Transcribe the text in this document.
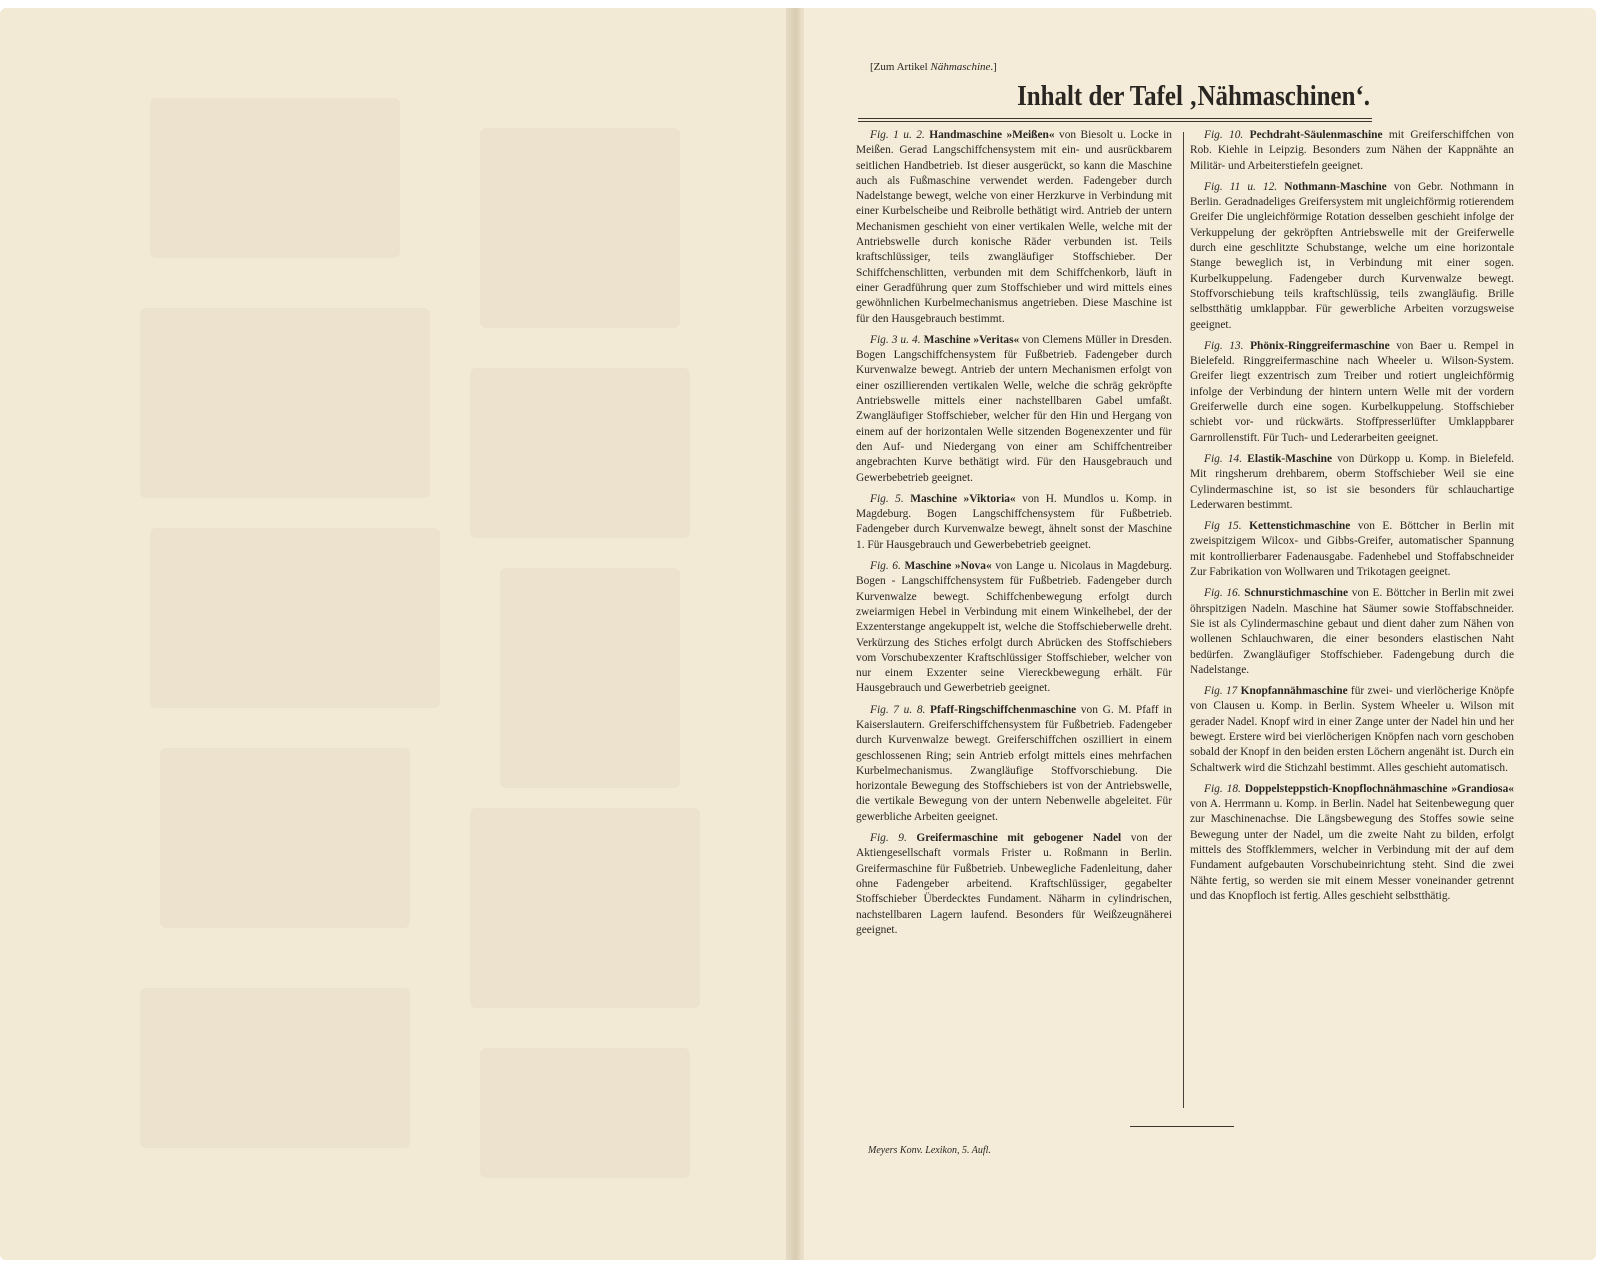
[Zum Artikel Nähmaschine.]
Inhalt der Tafel ‚Nähmaschinen‘.

Fig. 1 u. 2. Handmaschine »Meißen« von Biesolt u. Locke in Meißen. Gerad Langschiffchensystem mit ein- und ausrückbarem seitlichen Handbetrieb. Ist dieser ausgerückt, so kann die Maschine auch als Fußmaschine verwendet werden. Fadengeber durch Nadelstange bewegt, welche von einer Herzkurve in Verbindung mit einer Kurbelscheibe und Reibrolle bethätigt wird. Antrieb der untern Mechanismen geschieht von einer vertikalen Welle, welche mit der Antriebswelle durch konische Räder verbunden ist. Teils kraftschlüssiger, teils zwangläufiger Stoffschieber. Der Schiffchenschlitten, verbunden mit dem Schiffchenkorb, läuft in einer Geradführung quer zum Stoffschieber und wird mittels eines gewöhnlichen Kurbelmechanismus angetrieben. Diese Maschine ist für den Hausgebrauch bestimmt.

Fig. 3 u. 4. Maschine »Veritas« von Clemens Müller in Dresden. Bogen Langschiffchensystem für Fußbetrieb. Fadengeber durch Kurvenwalze bewegt. Antrieb der untern Mechanismen erfolgt von einer oszillierenden vertikalen Welle, welche die schräg gekröpfte Antriebswelle mittels einer nachstellbaren Gabel umfaßt. Zwangläufiger Stoffschieber, welcher für den Hin und Hergang von einem auf der horizontalen Welle sitzenden Bogenexzenter und für den Auf- und Niedergang von einer am Schiffchentreiber angebrachten Kurve bethätigt wird. Für den Hausgebrauch und Gewerbebetrieb geeignet.

Fig. 5. Maschine »Viktoria« von H. Mundlos u. Komp. in Magdeburg. Bogen Langschiffchensystem für Fußbetrieb. Fadengeber durch Kurvenwalze bewegt, ähnelt sonst der Maschine 1. Für Hausgebrauch und Gewerbebetrieb geeignet.

Fig. 6. Maschine »Nova« von Lange u. Nicolaus in Magdeburg. Bogen - Langschiffchensystem für Fußbetrieb. Fadengeber durch Kurvenwalze bewegt. Schiffchenbewegung erfolgt durch zweiarmigen Hebel in Verbindung mit einem Winkelhebel, der der Exzenterstange angekuppelt ist, welche die Stoffschieberwelle dreht. Verkürzung des Stiches erfolgt durch Abrücken des Stoffschiebers vom Vorschubexzenter Kraftschlüssiger Stoffschieber, welcher von nur einem Exzenter seine Viereckbewegung erhält. Für Hausgebrauch und Gewerbetrieb geeignet.

Fig. 7 u. 8. Pfaff-Ringschiffchenmaschine von G. M. Pfaff in Kaiserslautern. Greiferschiffchensystem für Fußbetrieb. Fadengeber durch Kurvenwalze bewegt. Greiferschiffchen oszilliert in einem geschlossenen Ring; sein Antrieb erfolgt mittels eines mehrfachen Kurbelmechanismus. Zwangläufige Stoffvorschiebung. Die horizontale Bewegung des Stoffschiebers ist von der Antriebswelle, die vertikale Bewegung von der untern Nebenwelle abgeleitet. Für gewerbliche Arbeiten geeignet.

Fig. 9. Greifermaschine mit gebogener Nadel von der Aktiengesellschaft vormals Frister u. Roßmann in Berlin. Greifermaschine für Fußbetrieb. Unbewegliche Fadenleitung, daher ohne Fadengeber arbeitend. Kraftschlüssiger, gegabelter Stoffschieber Überdecktes Fundament. Näharm in cylindrischen, nachstellbaren Lagern laufend. Besonders für Weißzeugnäherei geeignet.

Fig. 10. Pechdraht-Säulenmaschine mit Greiferschiffchen von Rob. Kiehle in Leipzig. Besonders zum Nähen der Kappnähte an Militär- und Arbeiterstiefeln geeignet.

Fig. 11 u. 12. Nothmann-Maschine von Gebr. Nothmann in Berlin. Geradnadeliges Greifersystem mit ungleichförmig rotierendem Greifer Die ungleichförmige Rotation desselben geschieht infolge der Verkuppelung der gekröpften Antriebswelle mit der Greiferwelle durch eine geschlitzte Schubstange, welche um eine horizontale Stange beweglich ist, in Verbindung mit einer sogen. Kurbelkuppelung. Fadengeber durch Kurvenwalze bewegt. Stoffvorschiebung teils kraftschlüssig, teils zwangläufig. Brille selbstthätig umklappbar. Für gewerbliche Arbeiten vorzugsweise geeignet.

Fig. 13. Phönix-Ringgreifermaschine von Baer u. Rempel in Bielefeld. Ringgreifermaschine nach Wheeler u. Wilson-System. Greifer liegt exzentrisch zum Treiber und rotiert ungleichförmig infolge der Verbindung der hintern untern Welle mit der vordern Greiferwelle durch eine sogen. Kurbelkuppelung. Stoffschieber schiebt vor- und rückwärts. Stoffpresserlüfter Umklappbarer Garnrollenstift. Für Tuch- und Lederarbeiten geeignet.

Fig. 14. Elastik-Maschine von Dürkopp u. Komp. in Bielefeld. Mit ringsherum drehbarem, oberm Stoffschieber Weil sie eine Cylindermaschine ist, so ist sie besonders für schlauchartige Lederwaren bestimmt.

Fig 15. Kettenstichmaschine von E. Böttcher in Berlin mit zweispitzigem Wilcox- und Gibbs-Greifer, automatischer Spannung mit kontrollierbarer Fadenausgabe. Fadenhebel und Stoffabschneider Zur Fabrikation von Wollwaren und Trikotagen geeignet.

Fig. 16. Schnurstichmaschine von E. Böttcher in Berlin mit zwei öhrspitzigen Nadeln. Maschine hat Säumer sowie Stoffabschneider. Sie ist als Cylindermaschine gebaut und dient daher zum Nähen von wollenen Schlauchwaren, die einer besonders elastischen Naht bedürfen. Zwangläufiger Stoffschieber. Fadengebung durch die Nadelstange.

Fig. 17 Knopfannähmaschine für zwei- und vierlöcherige Knöpfe von Clausen u. Komp. in Berlin. System Wheeler u. Wilson mit gerader Nadel. Knopf wird in einer Zange unter der Nadel hin und her bewegt. Erstere wird bei vierlöcherigen Knöpfen nach vorn geschoben sobald der Knopf in den beiden ersten Löchern angenäht ist. Durch ein Schaltwerk wird die Stichzahl bestimmt. Alles geschieht automatisch.

Fig. 18. Doppelsteppstich-Knopflochnähmaschine »Grandiosa« von A. Herrmann u. Komp. in Berlin. Nadel hat Seitenbewegung quer zur Maschinenachse. Die Längsbewegung des Stoffes sowie seine Bewegung unter der Nadel, um die zweite Naht zu bilden, erfolgt mittels des Stoffklemmers, welcher in Verbindung mit der auf dem Fundament aufgebauten Vorschubeinrichtung steht. Sind die zwei Nähte fertig, so werden sie mit einem Messer voneinander getrennt und das Knopfloch ist fertig. Alles geschieht selbstthätig.

Meyers Konv. Lexikon, 5. Aufl.
